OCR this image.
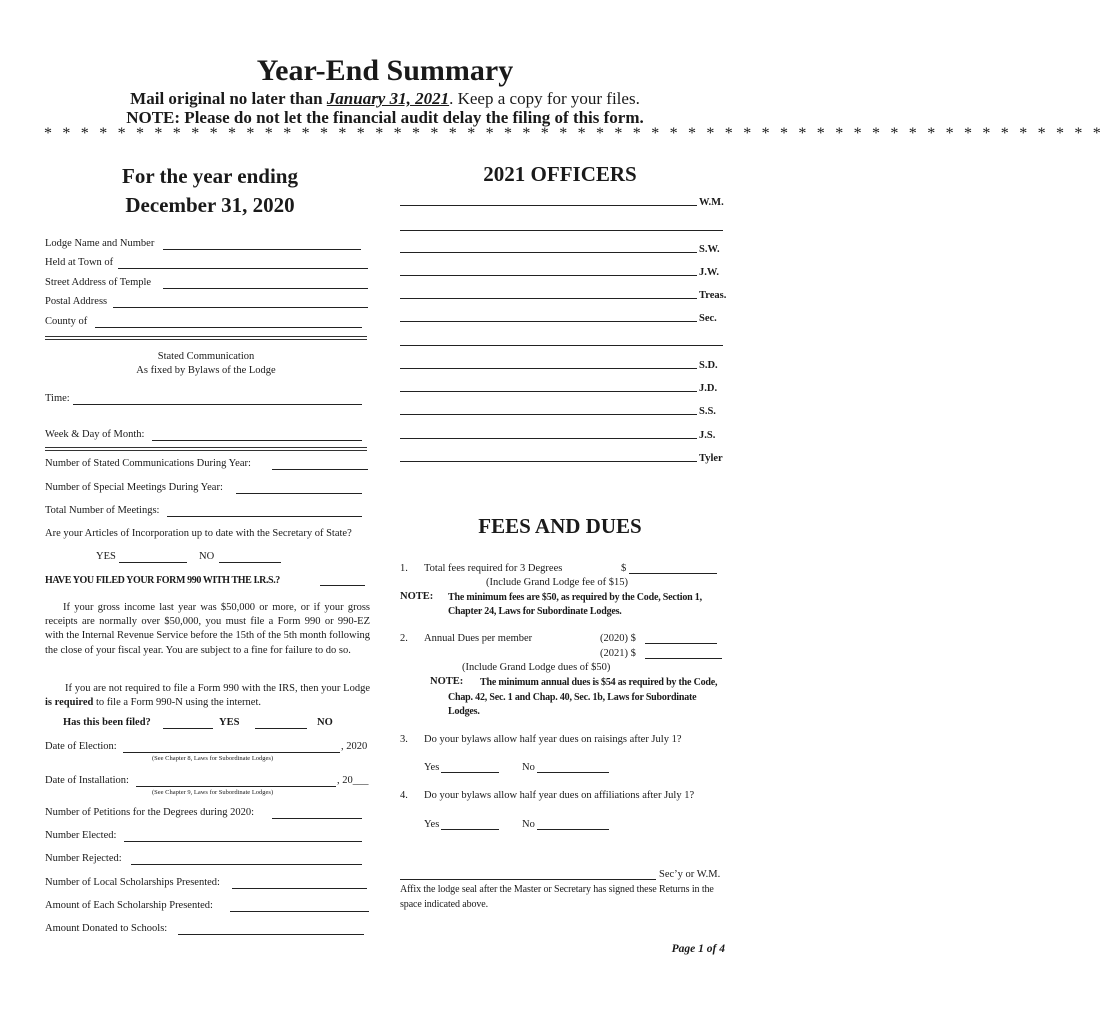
Year-End Summary
Mail original no later than January 31, 2021. Keep a copy for your files.
NOTE: Please do not let the financial audit delay the filing of this form.
* * * * * * * * * * * * * * * * * * * * * * * * * * * * * * * * * * * * * * * * * * * * * * * * * * * * * * * * * *
For the year ending
December 31, 2020
Lodge Name and Number
Held at Town of
Street Address of Temple
Postal Address
County of
Stated Communication
As fixed by Bylaws of the Lodge
Time:
Week & Day of Month:
Number of Stated Communications During Year:
Number of Special Meetings During Year:
Total Number of Meetings:
Are your Articles of Incorporation up to date with the Secretary of State?
YES	NO
HAVE YOU FILED YOUR FORM 990 WITH THE I.R.S.?
If your gross income last year was $50,000 or more, or if your gross receipts are normally over $50,000, you must file a Form 990 or 990-EZ with the Internal Revenue Service before the 15th of the 5th month following the close of your fiscal year. You are subject to a fine for failure to do so.
If you are not required to file a Form 990 with the IRS, then your Lodge is required to file a Form 990-N using the internet.
Has this been filed?	YES	NO
Date of Election:	, 2020
(See Chapter 8, Laws for Subordinate Lodges)
Date of Installation:	, 20___
(See Chapter 9, Laws for Subordinate Lodges)
Number of Petitions for the Degrees during 2020:
Number Elected:
Number Rejected:
Number of Local Scholarships Presented:
Amount of Each Scholarship Presented:
Amount Donated to Schools:
2021 OFFICERS
W.M.
S.W.
J.W.
Treas.
Sec.
S.D.
J.D.
S.S.
J.S.
Tyler
FEES AND DUES
1. Total fees required for 3 Degrees	$
(Include Grand Lodge fee of $15)
NOTE: The minimum fees are $50, as required by the Code, Section 1, Chapter 24, Laws for Subordinate Lodges.
2. Annual Dues per member	(2020) $
(2021) $
(Include Grand Lodge dues of $50)
NOTE:	The minimum annual dues is $54 as required by the Code, Chap. 42, Sec. 1 and Chap. 40, Sec. 1b, Laws for Subordinate Lodges.
3. Do your bylaws allow half year dues on raisings after July 1?
Yes	No
4. Do your bylaws allow half year dues on affiliations after July 1?
Yes	No
Sec’y or W.M.
Affix the lodge seal after the Master or Secretary has signed these Returns in the space indicated above.
Page 1 of 4
